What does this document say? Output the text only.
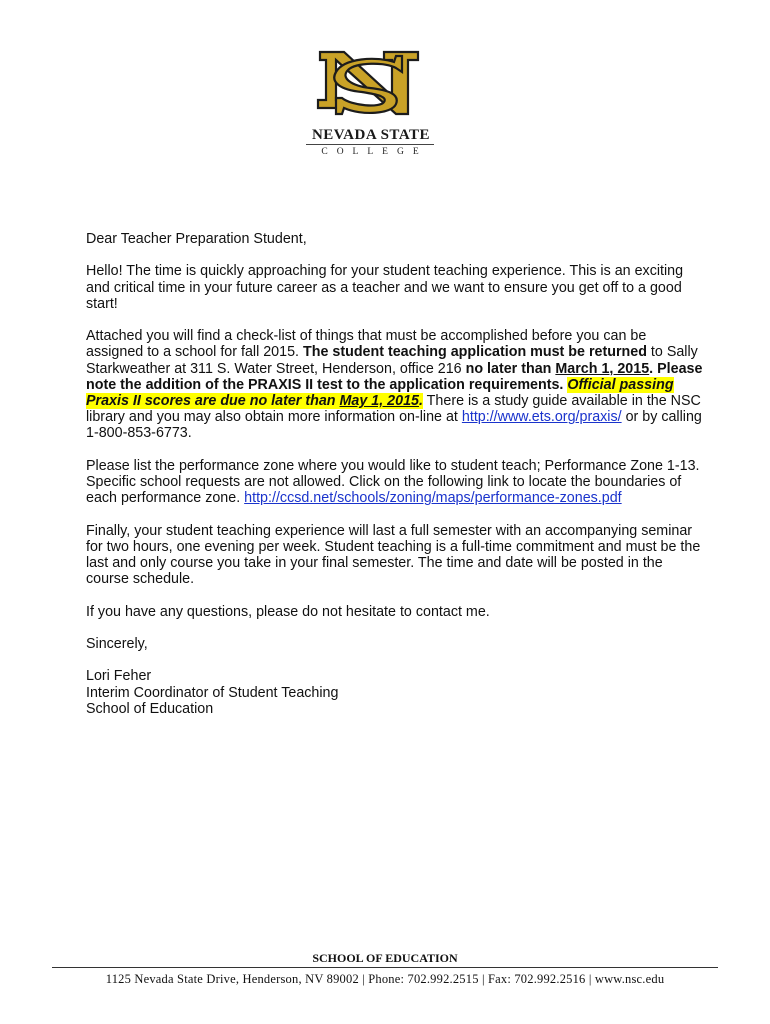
NEVADA STATE
COLLEGE

Dear Teacher Preparation Student,

Hello! The time is quickly approaching for your student teaching experience. This is an exciting and critical time in your future career as a teacher and we want to ensure you get off to a good start!

Attached you will find a check-list of things that must be accomplished before you can be assigned to a school for fall 2015. The student teaching application must be returned to Sally Starkweather at 311 S. Water Street, Henderson, office 216 no later than March 1, 2015. Please note the addition of the PRAXIS II test to the application requirements. Official passing Praxis II scores are due no later than May 1, 2015. There is a study guide available in the NSC library and you may also obtain more information on-line at http://www.ets.org/praxis/ or by calling 1-800-853-6773.

Please list the performance zone where you would like to student teach; Performance Zone 1-13. Specific school requests are not allowed. Click on the following link to locate the boundaries of each performance zone. http://ccsd.net/schools/zoning/maps/performance-zones.pdf

Finally, your student teaching experience will last a full semester with an accompanying seminar for two hours, one evening per week. Student teaching is a full-time commitment and must be the last and only course you take in your final semester. The time and date will be posted in the course schedule.

If you have any questions, please do not hesitate to contact me.

Sincerely,

Lori Feher
Interim Coordinator of Student Teaching
School of Education

SCHOOL OF EDUCATION
1125 Nevada State Drive, Henderson, NV 89002 | Phone: 702.992.2515 | Fax: 702.992.2516 | www.nsc.edu
